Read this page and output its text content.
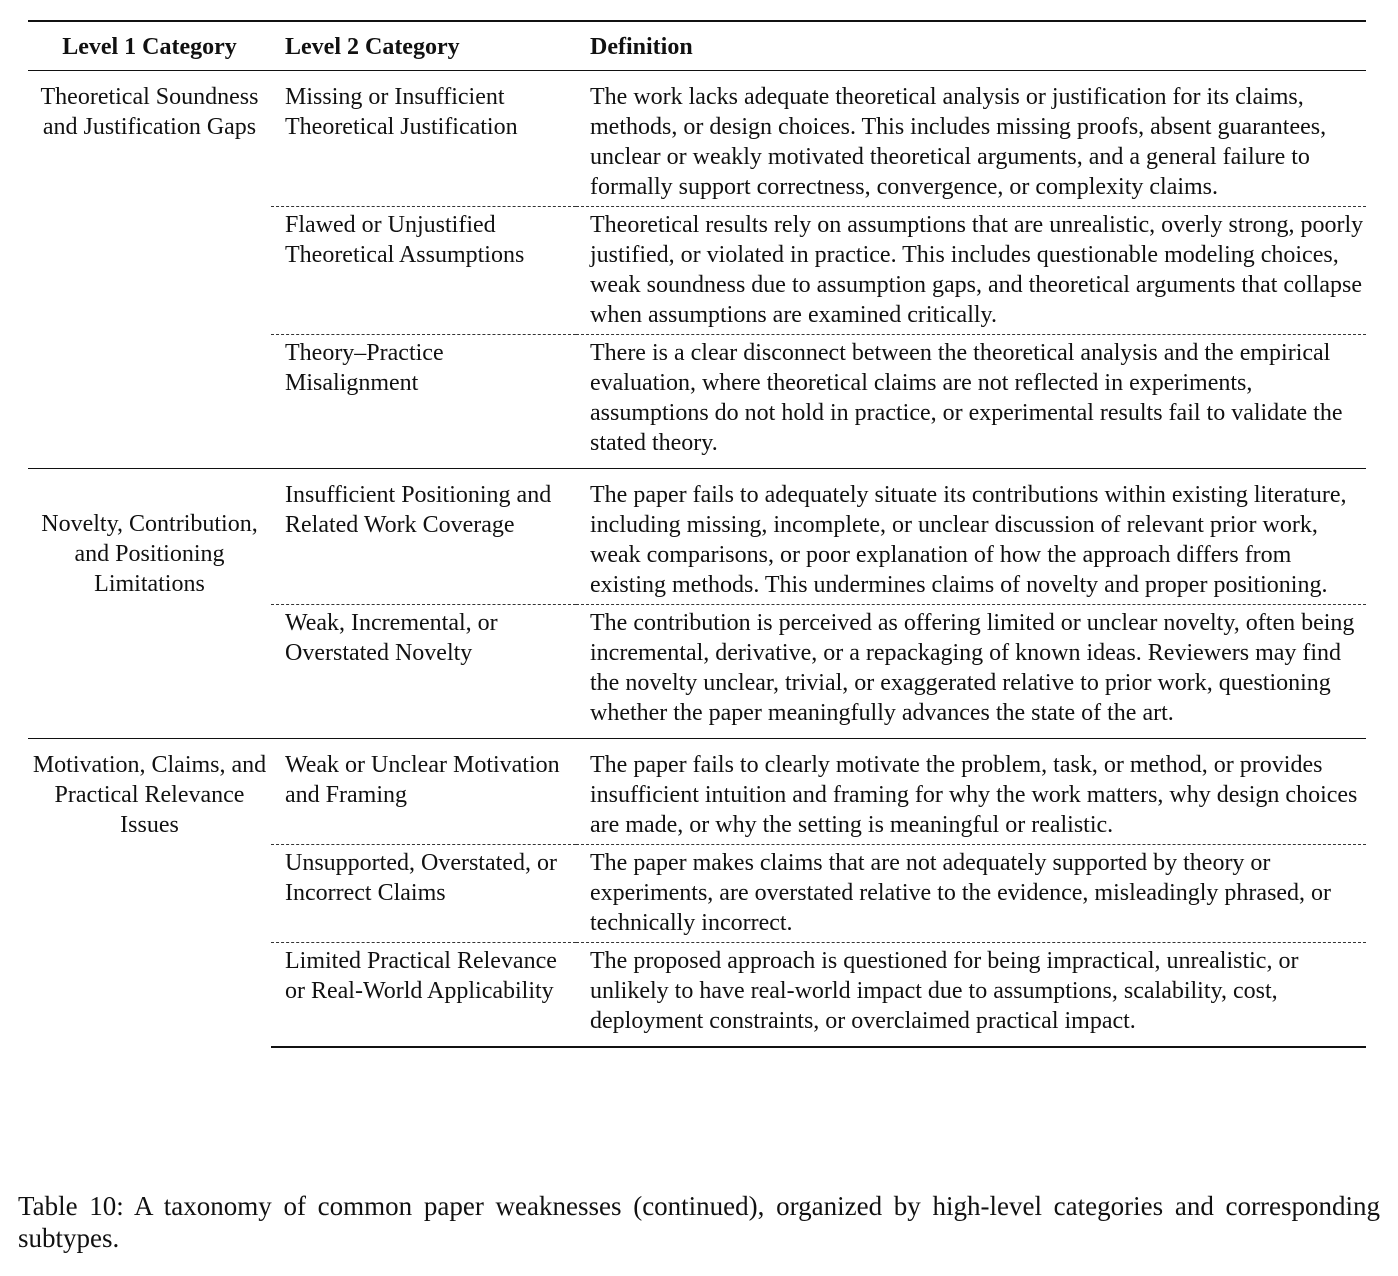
Level 1 Category	Level 2 Category	Definition
Theoretical Soundness and Justification Gaps	Missing or Insufficient Theoretical Justification	The work lacks adequate theoretical analysis or justification for its claims, methods, or design choices. This includes missing proofs, absent guarantees, unclear or weakly motivated theoretical arguments, and a general failure to formally support correctness, convergence, or complexity claims.
	Flawed or Unjustified Theoretical Assumptions	Theoretical results rely on assumptions that are unrealistic, overly strong, poorly justified, or violated in practice. This includes questionable modeling choices, weak soundness due to assumption gaps, and theoretical arguments that collapse when assumptions are examined critically.
	Theory–Practice Misalignment	There is a clear disconnect between the theoretical analysis and the empirical evaluation, where theoretical claims are not reflected in experiments, assumptions do not hold in practice, or experimental results fail to validate the stated theory.
Novelty, Contribution, and Positioning Limitations	Insufficient Positioning and Related Work Coverage	The paper fails to adequately situate its contributions within existing literature, including missing, incomplete, or unclear discussion of relevant prior work, weak comparisons, or poor explanation of how the approach differs from existing methods. This undermines claims of novelty and proper positioning.
	Weak, Incremental, or Overstated Novelty	The contribution is perceived as offering limited or unclear novelty, often being incremental, derivative, or a repackaging of known ideas. Reviewers may find the novelty unclear, trivial, or exaggerated relative to prior work, questioning whether the paper meaningfully advances the state of the art.
Motivation, Claims, and Practical Relevance Issues	Weak or Unclear Motivation and Framing	The paper fails to clearly motivate the problem, task, or method, or provides insufficient intuition and framing for why the work matters, why design choices are made, or why the setting is meaningful or realistic.
	Unsupported, Overstated, or Incorrect Claims	The paper makes claims that are not adequately supported by theory or experiments, are overstated relative to the evidence, misleadingly phrased, or technically incorrect.
	Limited Practical Relevance or Real-World Applicability	The proposed approach is questioned for being impractical, unrealistic, or unlikely to have real-world impact due to assumptions, scalability, cost, deployment constraints, or overclaimed practical impact.
Table 10: A taxonomy of common paper weaknesses (continued), organized by high-level categories and corresponding subtypes.
